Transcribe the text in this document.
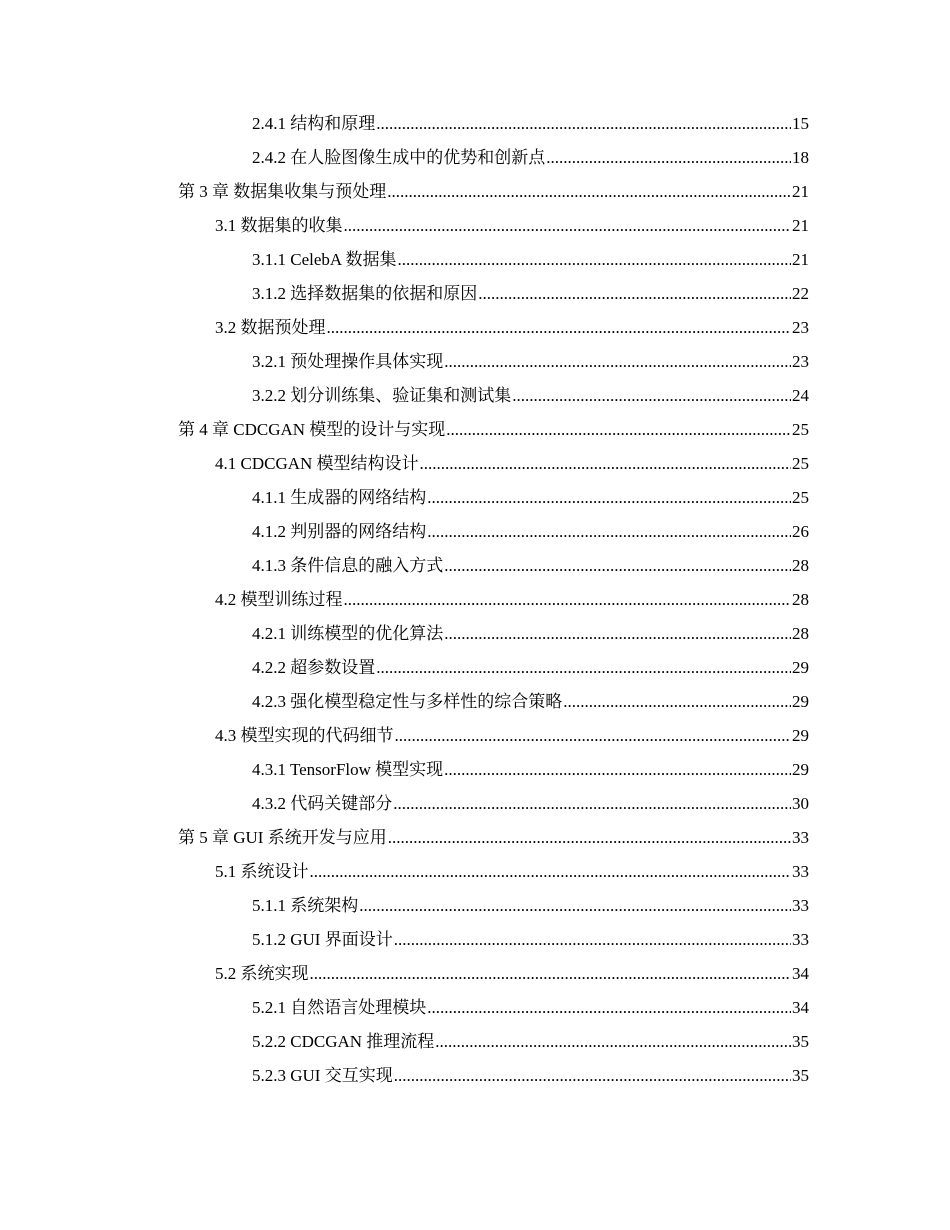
2.4.1 结构和原理 .....	15
2.4.2 在人脸图像生成中的优势和创新点 .....	18
第 3 章 数据集收集与预处理 .....	21
3.1 数据集的收集 .....	21
3.1.1 CelebA 数据集 .....	21
3.1.2 选择数据集的依据和原因 .....	22
3.2 数据预处理 .....	23
3.2.1 预处理操作具体实现 .....	23
3.2.2 划分训练集、验证集和测试集 .....	24
第 4 章 CDCGAN 模型的设计与实现 .....	25
4.1 CDCGAN 模型结构设计 .....	25
4.1.1 生成器的网络结构 .....	25
4.1.2 判别器的网络结构 .....	26
4.1.3 条件信息的融入方式 .....	28
4.2 模型训练过程 .....	28
4.2.1 训练模型的优化算法 .....	28
4.2.2 超参数设置 .....	29
4.2.3 强化模型稳定性与多样性的综合策略 .....	29
4.3 模型实现的代码细节 .....	29
4.3.1 TensorFlow 模型实现 .....	29
4.3.2 代码关键部分 .....	30
第 5 章 GUI 系统开发与应用 .....	33
5.1 系统设计 .....	33
5.1.1 系统架构 .....	33
5.1.2 GUI 界面设计 .....	33
5.2 系统实现 .....	34
5.2.1 自然语言处理模块 .....	34
5.2.2 CDCGAN 推理流程 .....	35
5.2.3 GUI 交互实现 .....	35
